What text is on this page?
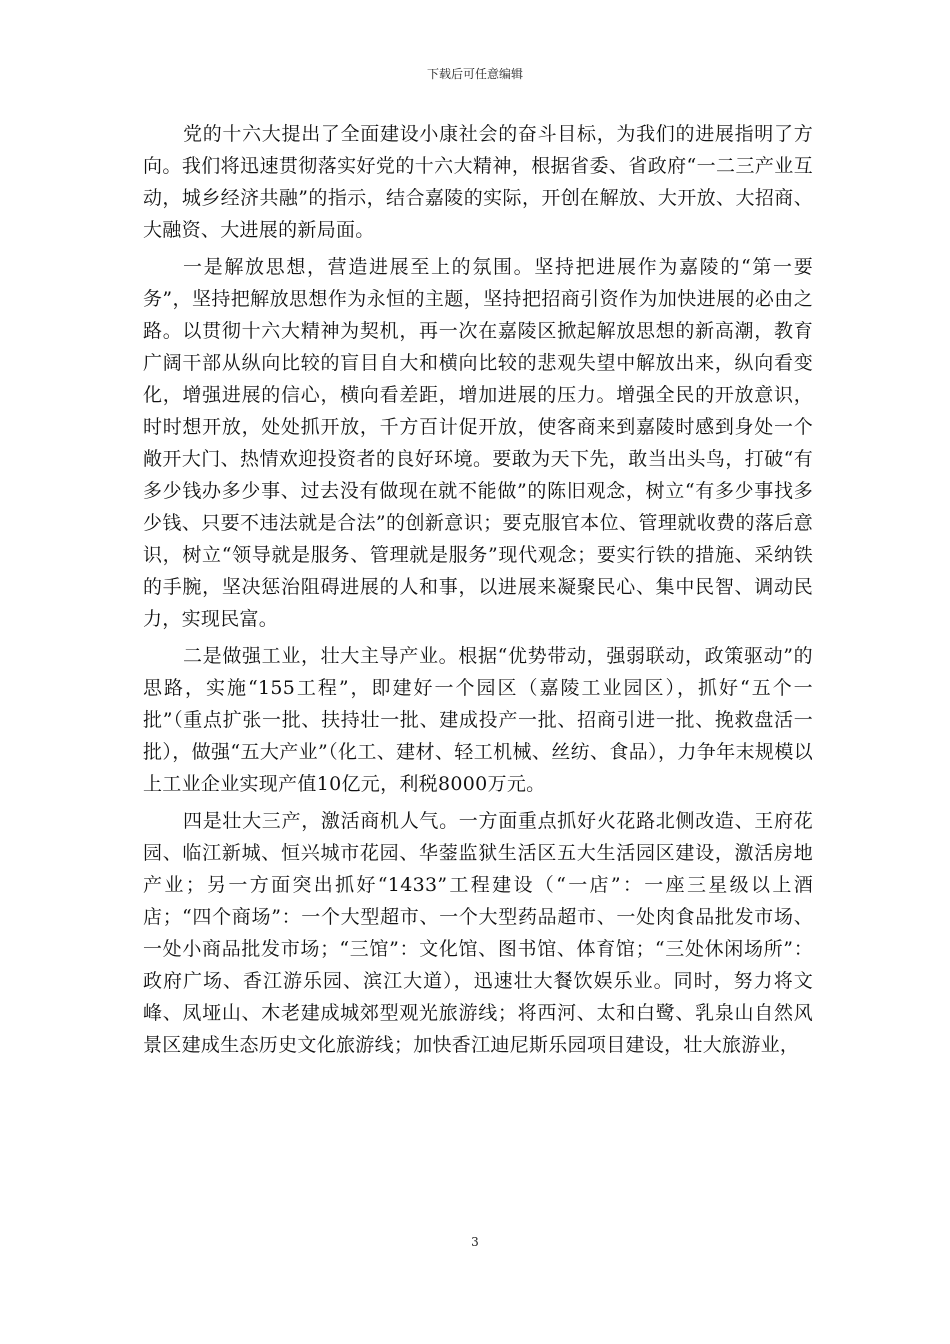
下载后可任意编辑

党的十六大提出了全面建设小康社会的奋斗目标，为我们的进展指明了方向。我们将迅速贯彻落实好党的十六大精神，根据省委、省政府“一二三产业互动，城乡经济共融”的指示，结合嘉陵的实际，开创在解放、大开放、大招商、大融资、大进展的新局面。

一是解放思想，营造进展至上的氛围。坚持把进展作为嘉陵的“第一要务”，坚持把解放思想作为永恒的主题，坚持把招商引资作为加快进展的必由之路。以贯彻十六大精神为契机，再一次在嘉陵区掀起解放思想的新高潮，教育广阔干部从纵向比较的盲目自大和横向比较的悲观失望中解放出来，纵向看变化，增强进展的信心，横向看差距，增加进展的压力。增强全民的开放意识，时时想开放，处处抓开放，千方百计促开放，使客商来到嘉陵时感到身处一个敞开大门、热情欢迎投资者的良好环境。要敢为天下先，敢当出头鸟，打破“有多少钱办多少事、过去没有做现在就不能做”的陈旧观念，树立“有多少事找多少钱、只要不违法就是合法”的创新意识；要克服官本位、管理就收费的落后意识，树立“领导就是服务、管理就是服务”现代观念；要实行铁的措施、采纳铁的手腕，坚决惩治阻碍进展的人和事，以进展来凝聚民心、集中民智、调动民力，实现民富。

二是做强工业，壮大主导产业。根据“优势带动，强弱联动，政策驱动”的思路，实施“155工程”，即建好一个园区（嘉陵工业园区），抓好“五个一批”（重点扩张一批、扶持壮一批、建成投产一批、招商引进一批、挽救盘活一批），做强“五大产业”（化工、建材、轻工机械、丝纺、食品），力争年末规模以上工业企业实现产值10亿元，利税8000万元。

四是壮大三产，激活商机人气。一方面重点抓好火花路北侧改造、王府花园、临江新城、恒兴城市花园、华蓥监狱生活区五大生活园区建设，激活房地产业；另一方面突出抓好“1433”工程建设（“一店”：一座三星级以上酒店；“四个商场”：一个大型超市、一个大型药品超市、一处肉食品批发市场、一处小商品批发市场；“三馆”：文化馆、图书馆、体育馆；“三处休闲场所”：政府广场、香江游乐园、滨江大道），迅速壮大餐饮娱乐业。同时，努力将文峰、凤垭山、木老建成城郊型观光旅游线；将西河、太和白鹭、乳泉山自然风景区建成生态历史文化旅游线；加快香江迪尼斯乐园项目建设，壮大旅游业，

3
